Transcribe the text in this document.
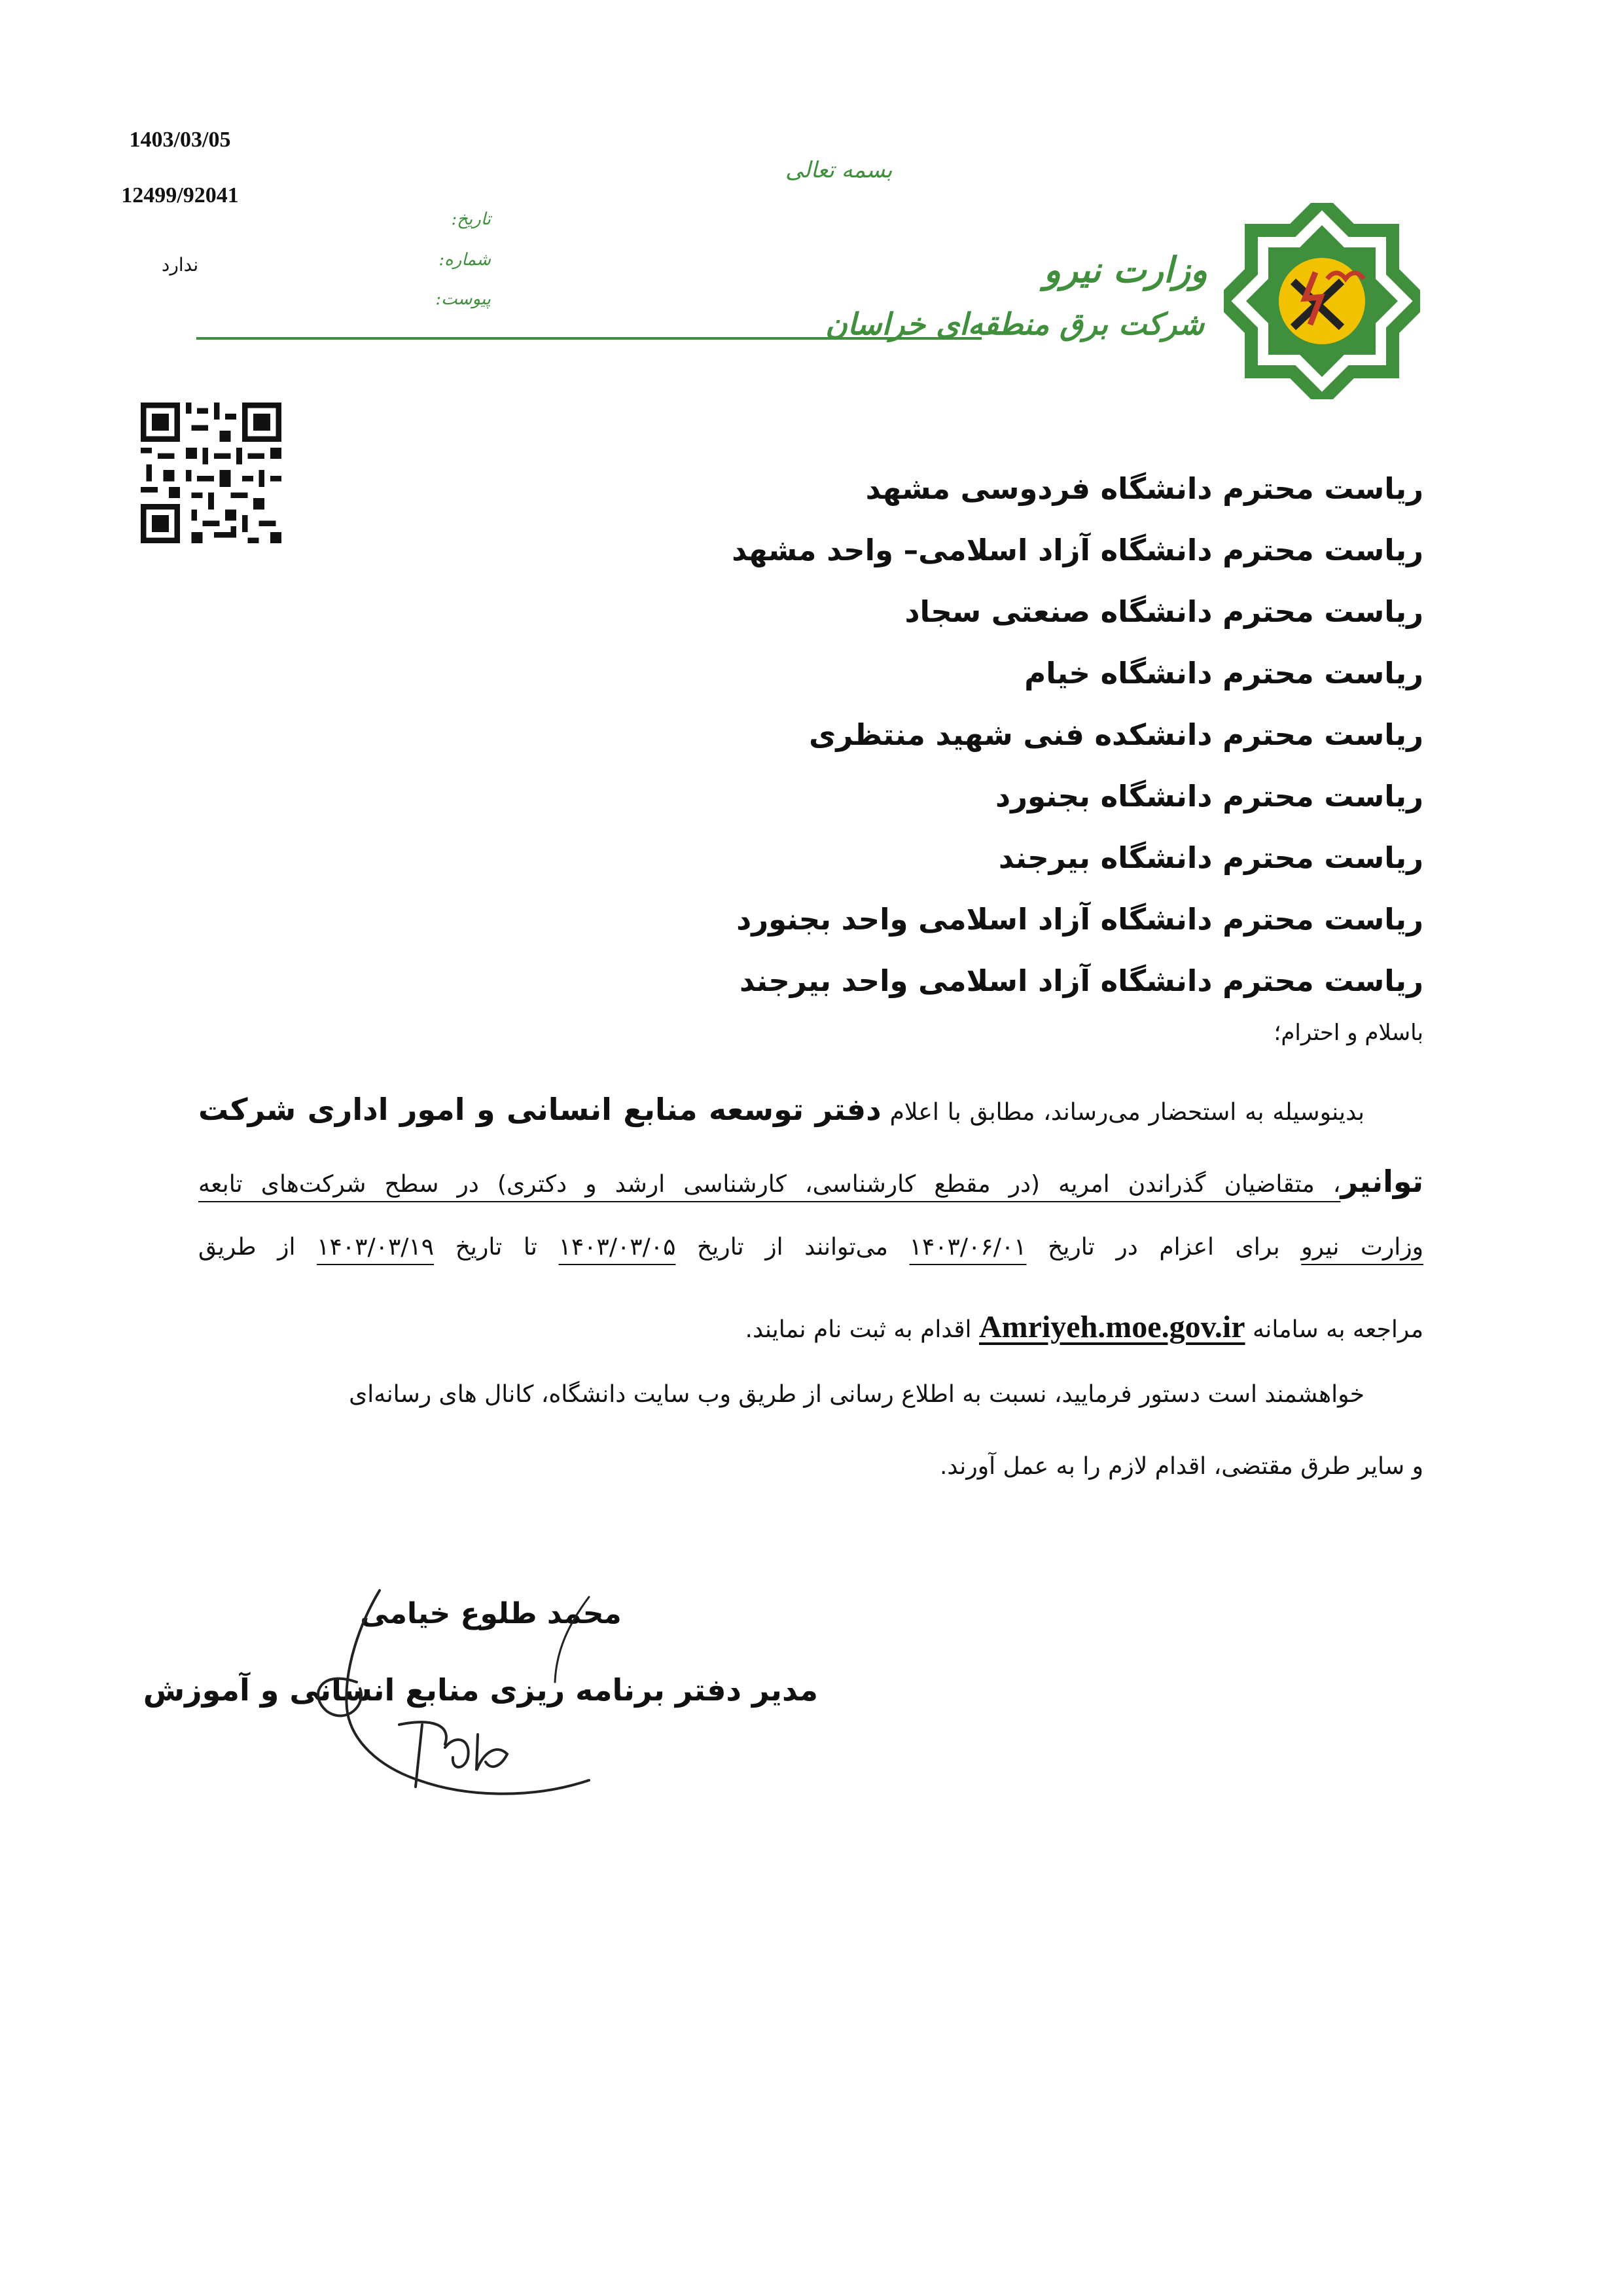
1403/03/05
12499/92041
ندارد
بسمه تعالی
تاریخ:
شماره:
پیوست:
وزارت نیرو
شرکت برق منطقه‌ای خراسان
ریاست محترم دانشگاه فردوسی مشهد
ریاست محترم دانشگاه آزاد اسلامی– واحد مشهد
ریاست محترم دانشگاه صنعتی سجاد
ریاست محترم دانشگاه خیام
ریاست محترم دانشکده فنی شهید منتظری
ریاست محترم دانشگاه بجنورد
ریاست محترم دانشگاه بیرجند
ریاست محترم دانشگاه آزاد اسلامی واحد بجنورد
ریاست محترم دانشگاه آزاد اسلامی واحد بیرجند
باسلام و احترام؛
بدینوسیله به استحضار می‌رساند، مطابق با اعلام دفتر توسعه منابع انسانی و امور اداری شرکت
توانیر، متقاضیان گذراندن امریه (در مقطع کارشناسی، کارشناسی ارشد و دکتری) در سطح شرکت‌های تابعه
وزارت نیرو برای اعزام در تاریخ ۱۴۰۳/۰۶/۰۱ می‌توانند از تاریخ ۱۴۰۳/۰۳/۰۵ تا تاریخ ۱۴۰۳/۰۳/۱۹ از طریق
مراجعه به سامانه Amriyeh.moe.gov.ir اقدام به ثبت نام نمایند.
خواهشمند است دستور فرمایید، نسبت به اطلاع رسانی از طریق وب سایت دانشگاه، کانال های رسانه‌ای
و سایر طرق مقتضی، اقدام لازم را به عمل آورند.
محمد طلوع خیامی
مدیر دفتر برنامه ریزی منابع انسانی و آموزش
